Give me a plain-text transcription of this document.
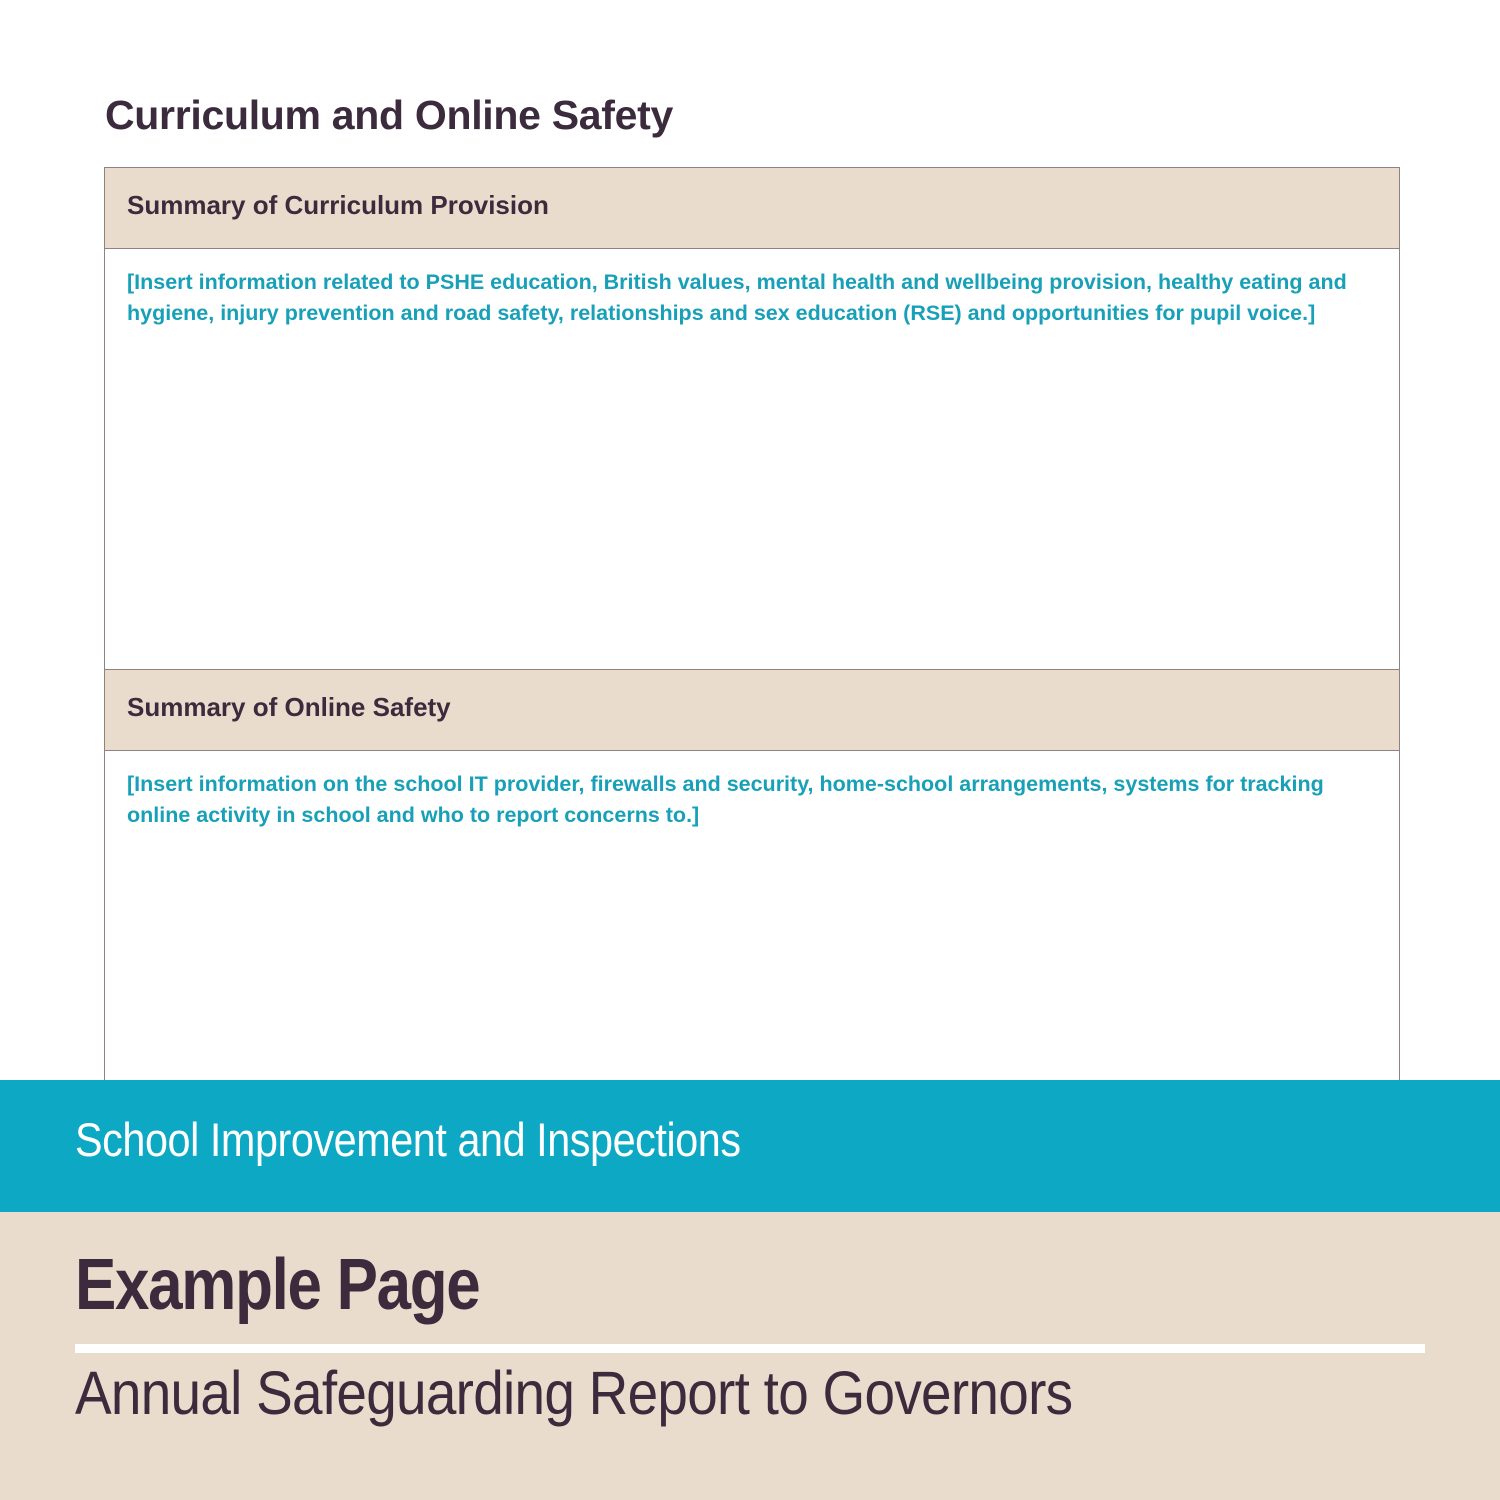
Curriculum and Online Safety
Summary of Curriculum Provision

[Insert information related to PSHE education, British values, mental health and wellbeing provision, healthy eating and hygiene, injury prevention and road safety, relationships and sex education (RSE) and opportunities for pupil voice.]

Summary of Online Safety

[Insert information on the school IT provider, firewalls and security, home-school arrangements, systems for tracking online activity in school and who to report concerns to.]
School Improvement and Inspections
Example Page
Annual Safeguarding Report to Governors
